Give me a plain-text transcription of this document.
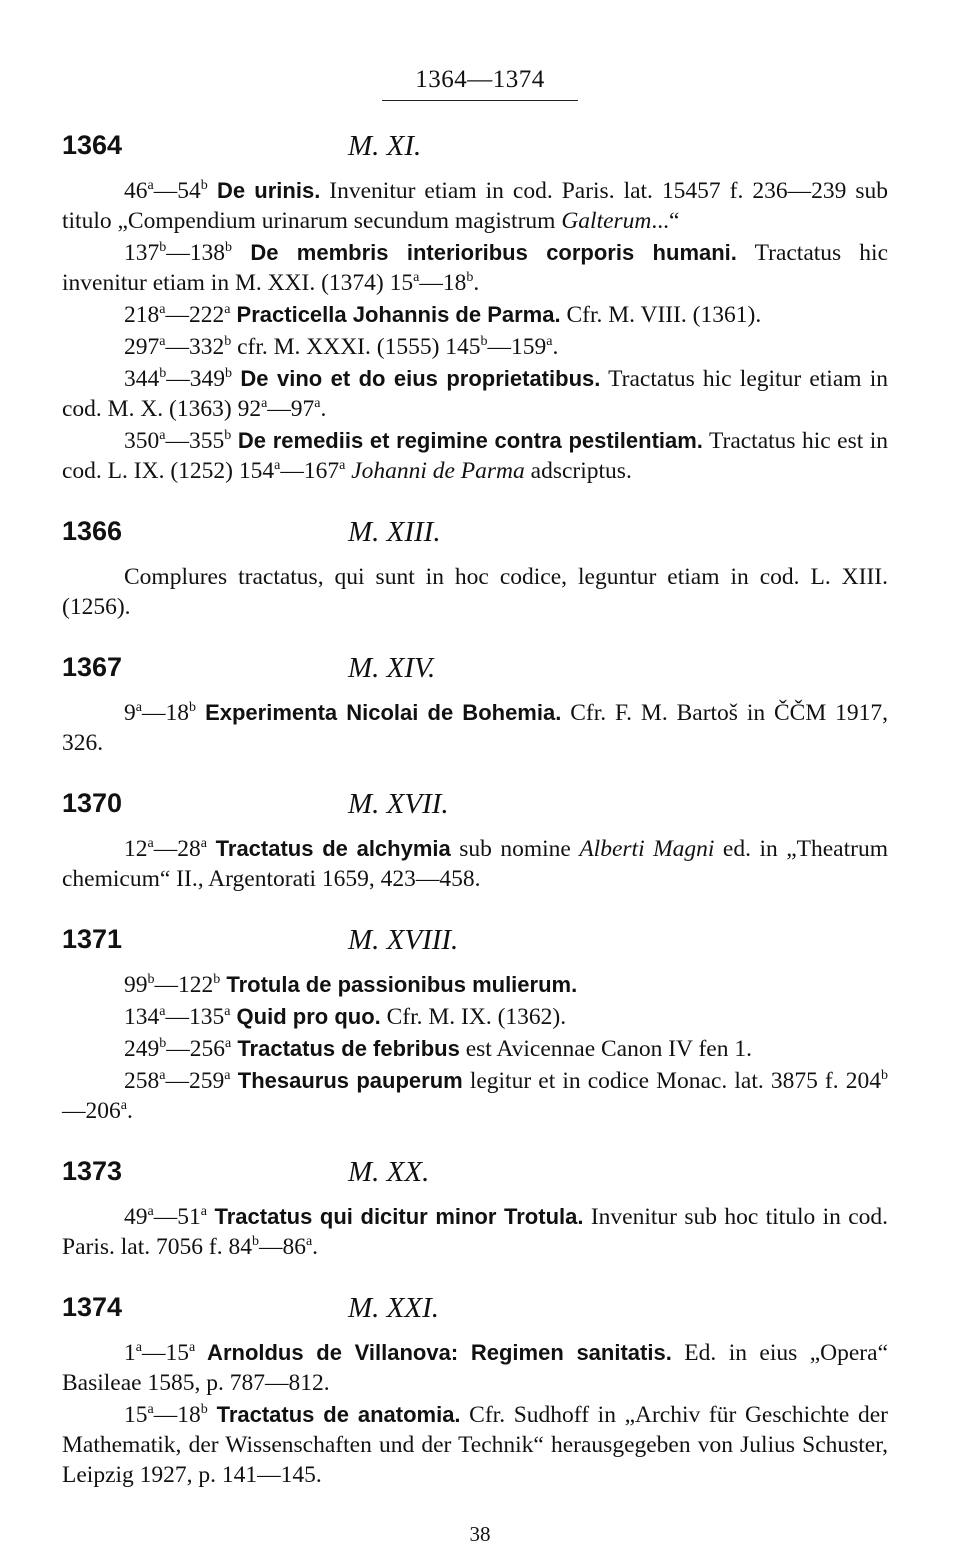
1364—1374
1364	M. XI.

46$^a$—54$^b$ De urinis. Invenitur etiam in cod. Paris. lat. 15457 f. 236—239 sub titulo „Compendium urinarum secundum magistrum Galterum...“

137$^b$—138$^b$ De membris interioribus corporis humani. Tractatus hic invenitur etiam in M. XXI. (1374) 15$^a$—18$^b$.

218$^a$—222$^a$ Practicella Johannis de Parma. Cfr. M. VIII. (1361).

297$^a$—332$^b$ cfr. M. XXXI. (1555) 145$^b$—159$^a$.

344$^b$—349$^b$ De vino et do eius proprietatibus. Tractatus hic legitur etiam in cod. M. X. (1363) 92$^a$—97$^a$.

350$^a$—355$^b$ De remediis et regimine contra pestilentiam. Tractatus hic est in cod. L. IX. (1252) 154$^a$—167$^a$ Johanni de Parma adscriptus.

1366	M. XIII.

Complures tractatus, qui sunt in hoc codice, leguntur etiam in cod. L. XIII. (1256).

1367	M. XIV.

9$^a$—18$^b$ Experimenta Nicolai de Bohemia. Cfr. F. M. Bartoš in ČČM 1917, 326.

1370	M. XVII.

12$^a$—28$^a$ Tractatus de alchymia sub nomine Alberti Magni ed. in „Theatrum chemicum“ II., Argentorati 1659, 423—458.

1371	M. XVIII.

99$^b$—122$^b$ Trotula de passionibus mulierum.

134$^a$—135$^a$ Quid pro quo. Cfr. M. IX. (1362).

249$^b$—256$^a$ Tractatus de febribus est Avicennae Canon IV fen 1.

258$^a$—259$^a$ Thesaurus pauperum legitur et in codice Monac. lat. 3875 f. 204$^b$—206$^a$.

1373	M. XX.

49$^a$—51$^a$ Tractatus qui dicitur minor Trotula. Invenitur sub hoc titulo in cod. Paris. lat. 7056 f. 84$^b$—86$^a$.

1374	M. XXI.

1$^a$—15$^a$ Arnoldus de Villanova: Regimen sanitatis. Ed. in eius „Opera“ Basileae 1585, p. 787—812.

15$^a$—18$^b$ Tractatus de anatomia. Cfr. Sudhoff in „Archiv für Geschichte der Mathematik, der Wissenschaften und der Technik“ herausgegeben von Julius Schuster, Leipzig 1927, p. 141—145.

38
